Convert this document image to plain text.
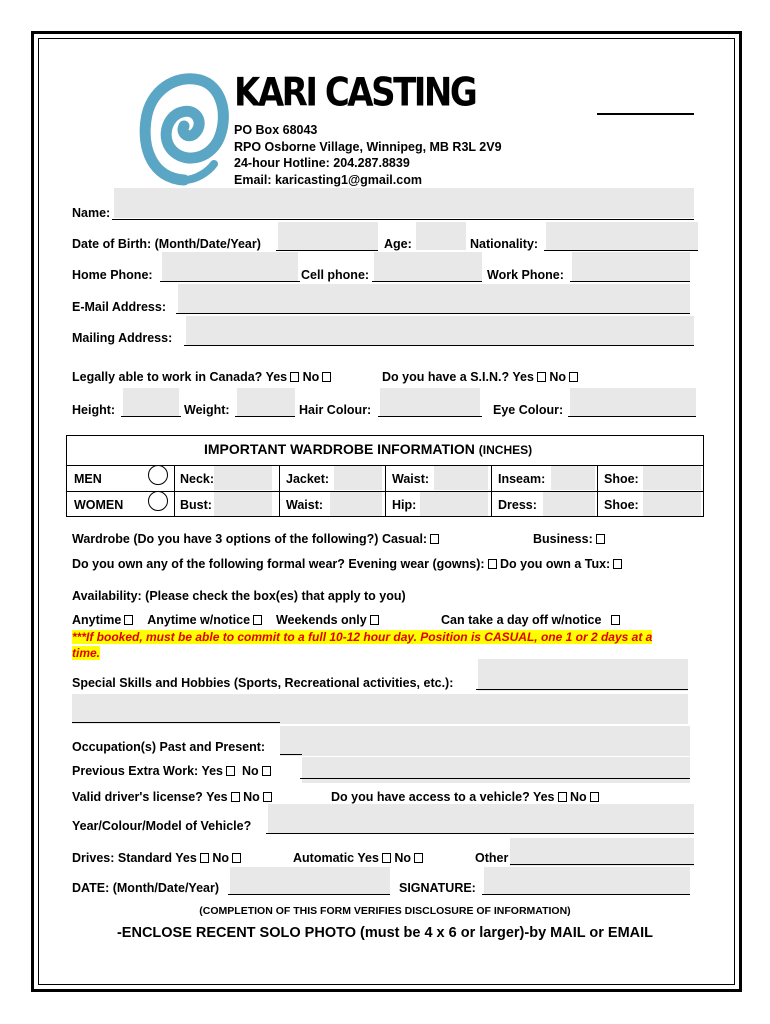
KARI CASTING
PO Box 68043
RPO Osborne Village, Winnipeg, MB R3L 2V9
24-hour Hotline: 204.287.8839
Email: karicasting1@gmail.com
Name:
Date of Birth: (Month/Date/Year)	Age:	Nationality:
Home Phone:	Cell phone:	Work Phone:
E-Mail Address:
Mailing Address:
Legally able to work in Canada? Yes No	Do you have a S.I.N.? Yes No
Height:	Weight:	Hair Colour:	Eye Colour:
IMPORTANT WARDROBE INFORMATION (INCHES)
MEN	Neck:	Jacket:	Waist:	Inseam:	Shoe:
WOMEN	Bust:	Waist:	Hip:	Dress:	Shoe:
Wardrobe (Do you have 3 options of the following?) Casual:	Business:
Do you own any of the following formal wear? Evening wear (gowns): Do you own a Tux:
Availability: (Please check the box(es) that apply to you)
Anytime Anytime w/notice Weekends only	Can take a day off w/notice
***If booked, must be able to commit to a full 10-12 hour day. Position is CASUAL, one 1 or 2 days at a
time.
Special Skills and Hobbies (Sports, Recreational activities, etc.):
Occupation(s) Past and Present:
Previous Extra Work: Yes No
Valid driver's license? Yes No	Do you have access to a vehicle? Yes No
Year/Colour/Model of Vehicle?
Drives: Standard Yes No	Automatic Yes No	Other
DATE: (Month/Date/Year)	SIGNATURE:
(COMPLETION OF THIS FORM VERIFIES DISCLOSURE OF INFORMATION)
-ENCLOSE RECENT SOLO PHOTO (must be 4 x 6 or larger)-by MAIL or EMAIL
